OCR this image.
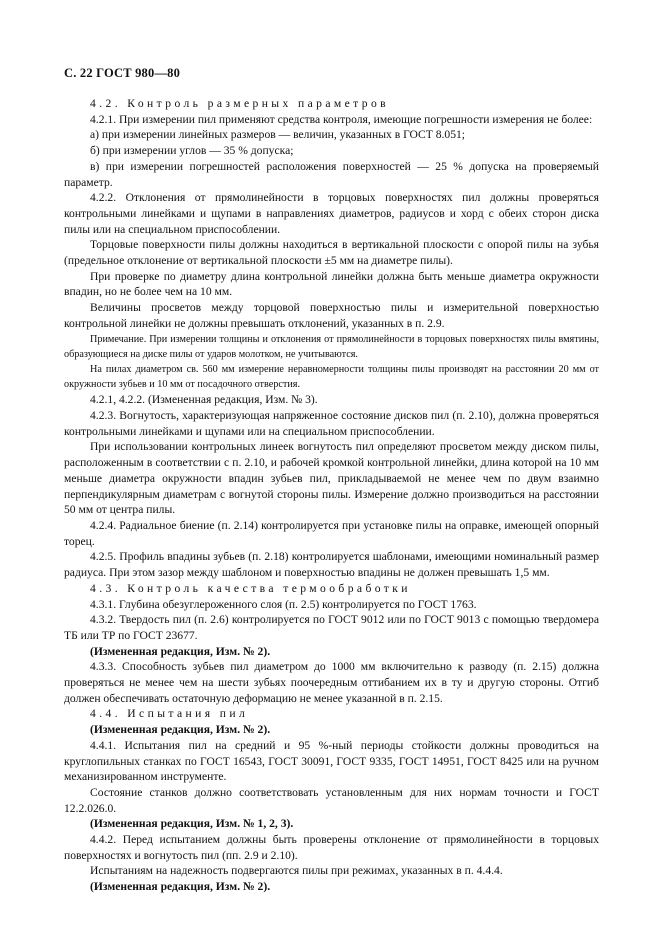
С. 22 ГОСТ 980—80

4.2. Контроль размерных параметров

4.2.1. При измерении пил применяют средства контроля, имеющие погрешности измерения не более:

а) при измерении линейных размеров — величин, указанных в ГОСТ 8.051;

б) при измерении углов — 35 % допуска;

в) при измерении погрешностей расположения поверхностей — 25 % допуска на проверяемый параметр.

4.2.2. Отклонения от прямолинейности в торцовых поверхностях пил должны проверяться контрольными линейками и щупами в направлениях диаметров, радиусов и хорд с обеих сторон диска пилы или на специальном приспособлении.

Торцовые поверхности пилы должны находиться в вертикальной плоскости с опорой пилы на зубья (предельное отклонение от вертикальной плоскости ±5 мм на диаметре пилы).

При проверке по диаметру длина контрольной линейки должна быть меньше диаметра окружности впадин, но не более чем на 10 мм.

Величины просветов между торцовой поверхностью пилы и измерительной поверхностью контрольной линейки не должны превышать отклонений, указанных в п. 2.9.

Примечание. При измерении толщины и отклонения от прямолинейности в торцовых поверхностях пилы вмятины, образующиеся на диске пилы от ударов молотком, не учитываются.

На пилах диаметром св. 560 мм измерение неравномерности толщины пилы производят на расстоянии 20 мм от окружности зубьев и 10 мм от посадочного отверстия.

4.2.1, 4.2.2. (Измененная редакция, Изм. № 3).

4.2.3. Вогнутость, характеризующая напряженное состояние дисков пил (п. 2.10), должна проверяться контрольными линейками и щупами или на специальном приспособлении.

При использовании контрольных линеек вогнутость пил определяют просветом между диском пилы, расположенным в соответствии с п. 2.10, и рабочей кромкой контрольной линейки, длина которой на 10 мм меньше диаметра окружности впадин зубьев пил, прикладываемой не менее чем по двум взаимно перпендикулярным диаметрам с вогнутой стороны пилы. Измерение должно производиться на расстоянии 50 мм от центра пилы.

4.2.4. Радиальное биение (п. 2.14) контролируется при установке пилы на оправке, имеющей опорный торец.

4.2.5. Профиль впадины зубьев (п. 2.18) контролируется шаблонами, имеющими номинальный размер радиуса. При этом зазор между шаблоном и поверхностью впадины не должен превышать 1,5 мм.

4.3. Контроль качества термообработки

4.3.1. Глубина обезуглероженного слоя (п. 2.5) контролируется по ГОСТ 1763.

4.3.2. Твердость пил (п. 2.6) контролируется по ГОСТ 9012 или по ГОСТ 9013 с помощью твердомера ТБ или ТР по ГОСТ 23677.

(Измененная редакция, Изм. № 2).

4.3.3. Способность зубьев пил диаметром до 1000 мм включительно к разводу (п. 2.15) должна проверяться не менее чем на шести зубьях поочередным оттибанием их в ту и другую стороны. Отгиб должен обеспечивать остаточную деформацию не менее указанной в п. 2.15.

4.4. Испытания пил

(Измененная редакция, Изм. № 2).

4.4.1. Испытания пил на средний и 95 %-ный периоды стойкости должны проводиться на круглопильных станках по ГОСТ 16543, ГОСТ 30091, ГОСТ 9335, ГОСТ 14951, ГОСТ 8425 или на ручном механизированном инструменте.

Состояние станков должно соответствовать установленным для них нормам точности и ГОСТ 12.2.026.0.

(Измененная редакция, Изм. № 1, 2, 3).

4.4.2. Перед испытанием должны быть проверены отклонение от прямолинейности в торцовых поверхностях и вогнутость пил (пп. 2.9 и 2.10).

Испытаниям на надежность подвергаются пилы при режимах, указанных в п. 4.4.4.

(Измененная редакция, Изм. № 2).
